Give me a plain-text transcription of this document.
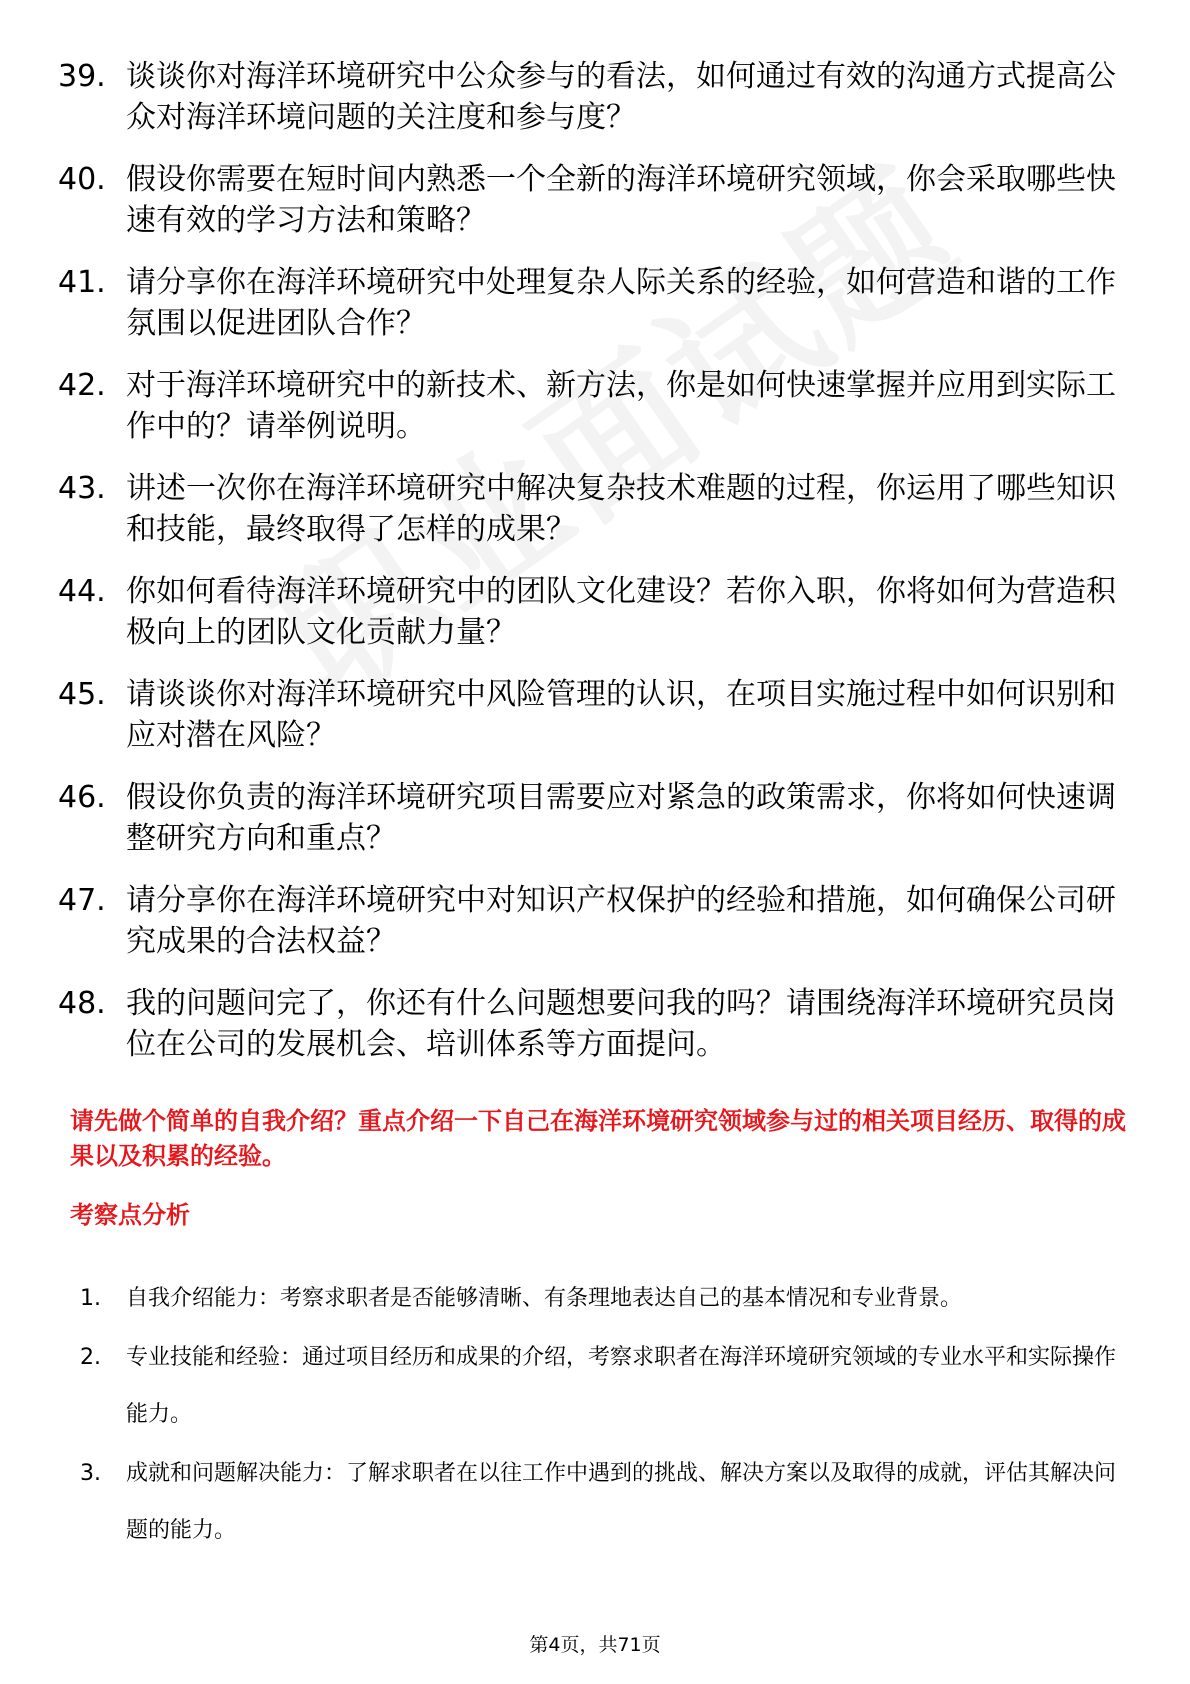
39. 谈谈你对海洋环境研究中公众参与的看法，如何通过有效的沟通方式提高公众对海洋环境问题的关注度和参与度？
40. 假设你需要在短时间内熟悉一个全新的海洋环境研究领域，你会采取哪些快速有效的学习方法和策略？
41. 请分享你在海洋环境研究中处理复杂人际关系的经验，如何营造和谐的工作氛围以促进团队合作？
42. 对于海洋环境研究中的新技术、新方法，你是如何快速掌握并应用到实际工作中的？请举例说明。
43. 讲述一次你在海洋环境研究中解决复杂技术难题的过程，你运用了哪些知识和技能，最终取得了怎样的成果？
44. 你如何看待海洋环境研究中的团队文化建设？若你入职，你将如何为营造积极向上的团队文化贡献力量？
45. 请谈谈你对海洋环境研究中风险管理的认识，在项目实施过程中如何识别和应对潜在风险？
46. 假设你负责的海洋环境研究项目需要应对紧急的政策需求，你将如何快速调整研究方向和重点？
47. 请分享你在海洋环境研究中对知识产权保护的经验和措施，如何确保公司研究成果的合法权益？
48. 我的问题问完了，你还有什么问题想要问我的吗？请围绕海洋环境研究员岗位在公司的发展机会、培训体系等方面提问。

请先做个简单的自我介绍？重点介绍一下自己在海洋环境研究领域参与过的相关项目经历、取得的成果以及积累的经验。

考察点分析
1.	自我介绍能力：考察求职者是否能够清晰、有条理地表达自己的基本情况和专业背景。
2.	专业技能和经验：通过项目经历和成果的介绍，考察求职者在海洋环境研究领域的专业水平和实际操作能力。
3.	成就和问题解决能力：了解求职者在以往工作中遇到的挑战、解决方案以及取得的成就，评估其解决问题的能力。
第4页，共71页
